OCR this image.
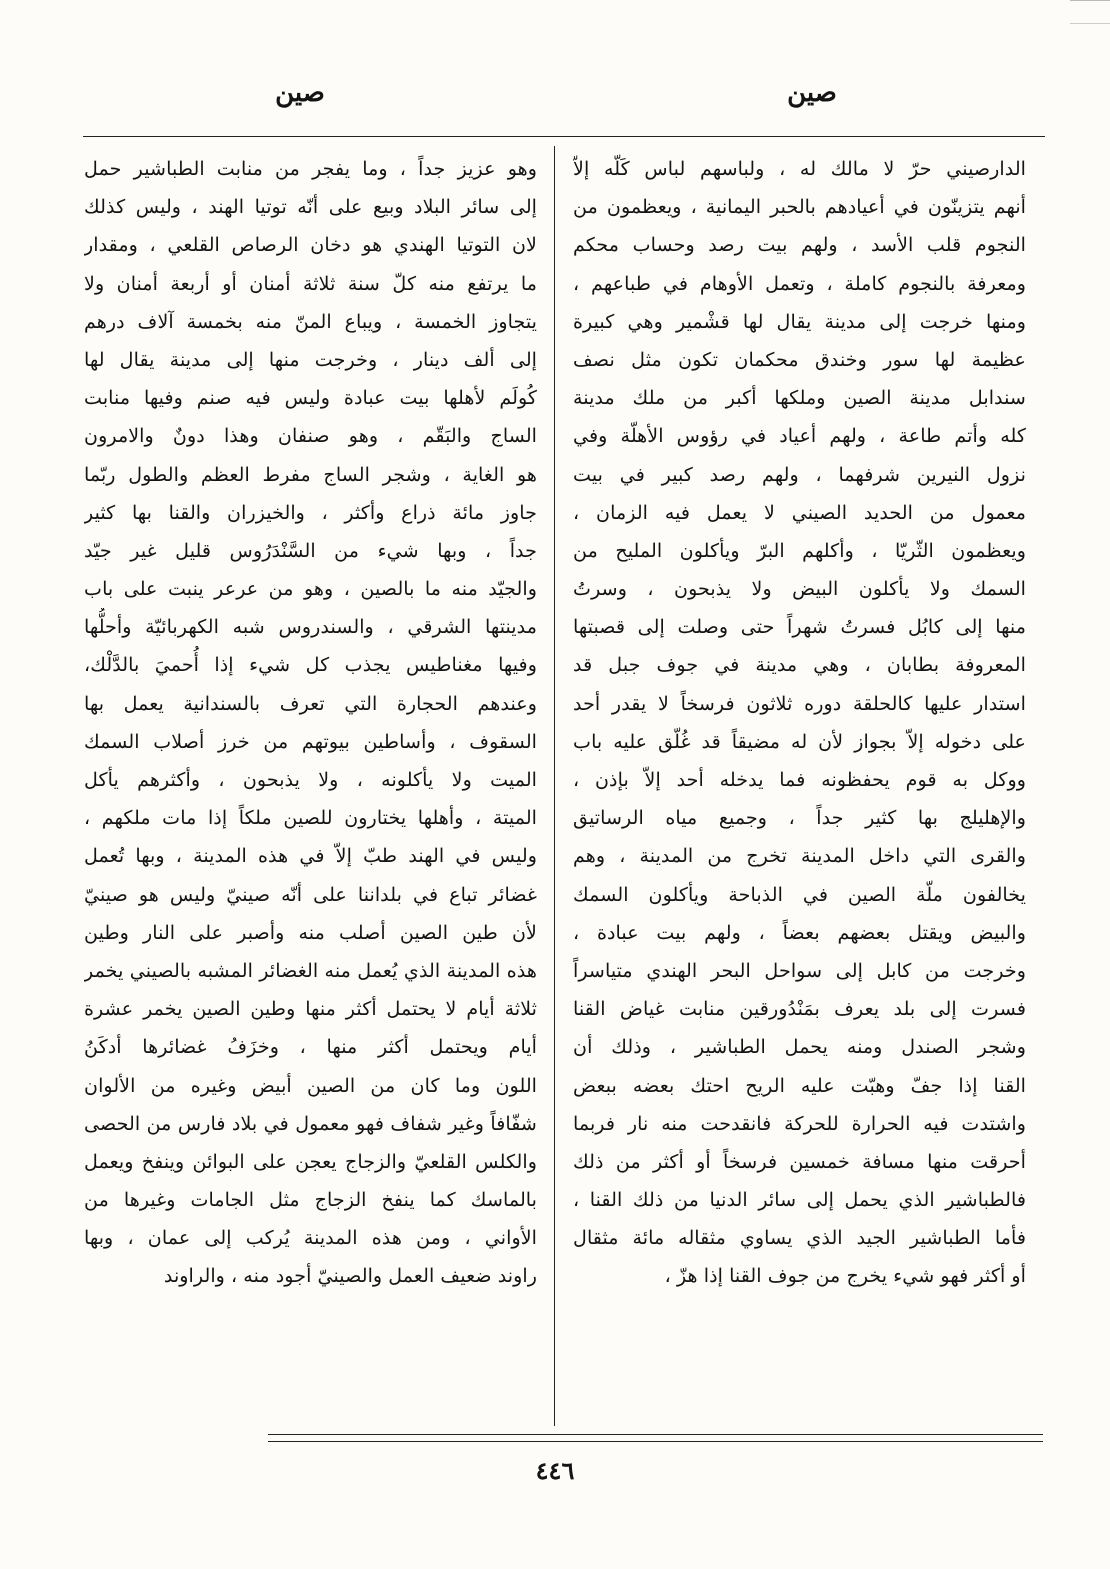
صين
صين
الدارصيني حرّ لا مالك له ، ولباسهم لباس كَلّه إلاّ
أنهم يتزينّون في أعيادهم بالحبر اليمانية ، ويعظمون من
النجوم قلب الأسد ، ولهم بيت رصد وحساب محكم
ومعرفة بالنجوم كاملة ، وتعمل الأوهام في طباعهم ،
ومنها خرجت إلى مدينة يقال لها قشْمير وهي كبيرة
عظيمة لها سور وخندق محكمان تكون مثل نصف
سندابل مدينة الصين وملكها أكبر من ملك مدينة
كله وأتم طاعة ، ولهم أعياد في رؤوس الأهلّة وفي
نزول النيرين شرفهما ، ولهم رصد كبير في بيت
معمول من الحديد الصيني لا يعمل فيه الزمان ،
ويعظمون الثّريّا ، وأكلهم البرّ ويأكلون المليح من
السمك ولا يأكلون البيض ولا يذبحون ، وسرتُ
منها إلى كابُل فسرتُ شهراً حتى وصلت إلى قصبتها
المعروفة بطابان ، وهي مدينة في جوف جبل قد
استدار عليها كالحلقة دوره ثلاثون فرسخاً لا يقدر أحد
على دخوله إلاّ بجواز لأن له مضيقاً قد غُلّق عليه باب
ووكل به قوم يحفظونه فما يدخله أحد إلاّ بإذن ،
والإهليلج بها كثير جداً ، وجميع مياه الرساتيق
والقرى التي داخل المدينة تخرج من المدينة ، وهم
يخالفون ملّة الصين في الذباحة ويأكلون السمك
والبيض ويقتل بعضهم بعضاً ، ولهم بيت عبادة ،
وخرجت من كابل إلى سواحل البحر الهندي متياسراً
فسرت إلى بلد يعرف بمَنْدُورقين منابت غياض القنا
وشجر الصندل ومنه يحمل الطباشير ، وذلك أن
القنا إذا جفّ وهبّت عليه الريح احتك بعضه ببعض
واشتدت فيه الحرارة للحركة فانقدحت منه نار فربما
أحرقت منها مسافة خمسين فرسخاً أو أكثر من ذلك
فالطباشير الذي يحمل إلى سائر الدنيا من ذلك القنا ،
فأما الطباشير الجيد الذي يساوي مثقاله مائة مثقال
أو أكثر فهو شيء يخرج من جوف القنا إذا هزّ ،
وهو عزيز جداً ، وما يفجر من منابت الطباشير حمل
إلى سائر البلاد وبيع على أنّه توتيا الهند ، وليس كذلك
لان التوتيا الهندي هو دخان الرصاص القلعي ، ومقدار
ما يرتفع منه كلّ سنة ثلاثة أمنان أو أربعة أمنان ولا
يتجاوز الخمسة ، ويباع المنّ منه بخمسة آلاف درهم
إلى ألف دينار ، وخرجت منها إلى مدينة يقال لها
كُولَم لأهلها بيت عبادة وليس فيه صنم وفيها منابت
الساج والبَقّم ، وهو صنفان وهذا دونٌ والامرون
هو الغاية ، وشجر الساج مفرط العظم والطول ربّما
جاوز مائة ذراع وأكثر ، والخيزران والقنا بها كثير
جداً ، وبها شيء من السَّنْدَرُوس قليل غير جيّد
والجيّد منه ما بالصين ، وهو من عرعر ينبت على باب
مدينتها الشرقي ، والسندروس شبه الكهربائيّة وأحلُّها
وفيها مغناطيس يجذب كل شيء إذا أُحميَ بالدَّلْك،
وعندهم الحجارة التي تعرف بالسندانية يعمل بها
السقوف ، وأساطين بيوتهم من خرز أصلاب السمك
الميت ولا يأكلونه ، ولا يذبحون ، وأكثرهم يأكل
الميتة ، وأهلها يختارون للصين ملكاً إذا مات ملكهم ،
وليس في الهند طبّ إلاّ في هذه المدينة ، وبها تُعمل
غضائر تباع في بلداننا على أنّه صينيّ وليس هو صينيّ
لأن طين الصين أصلب منه وأصبر على النار وطين
هذه المدينة الذي يُعمل منه الغضائر المشبه بالصيني يخمر
ثلاثة أيام لا يحتمل أكثر منها وطين الصين يخمر عشرة
أيام ويحتمل أكثر منها ، وخزَفُ غضائرها أدكَنُ
اللون وما كان من الصين أبيض وغيره من الألوان
شفّافاً وغير شفاف فهو معمول في بلاد فارس من الحصى
والكلس القلعيّ والزجاج يعجن على البوائن وينفخ ويعمل
بالماسك كما ينفخ الزجاج مثل الجامات وغيرها من
الأواني ، ومن هذه المدينة يُركب إلى عمان ، وبها
راوند ضعيف العمل والصينيّ أجود منه ، والراوند
٤٤٦
